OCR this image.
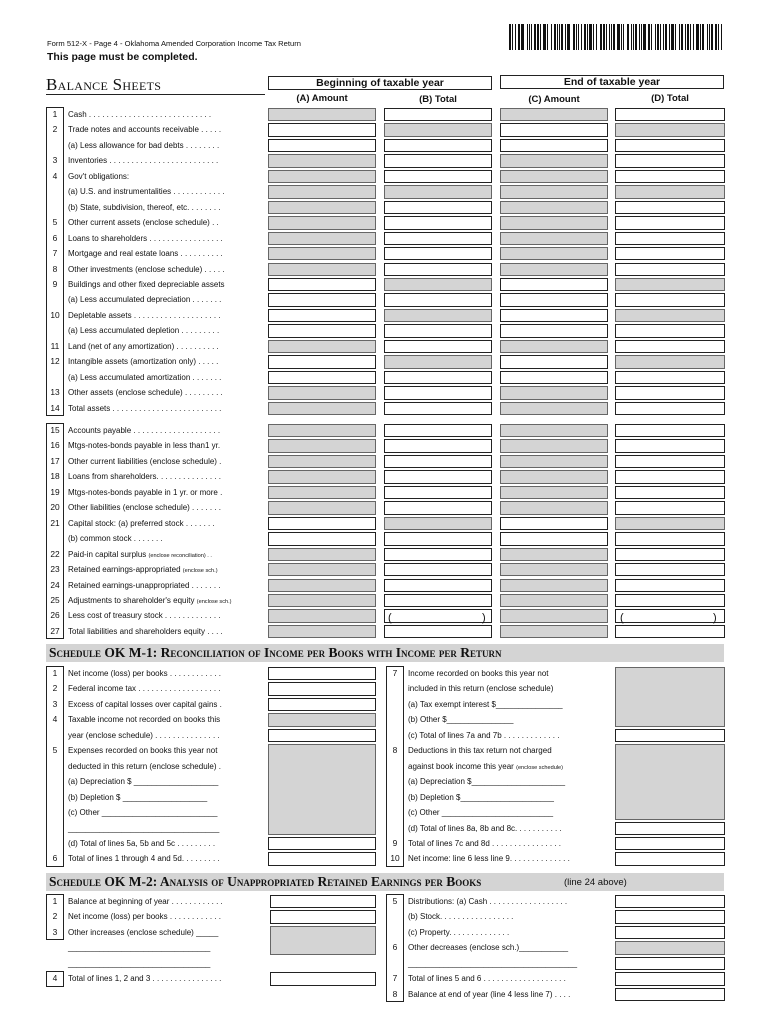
Form 512-X - Page 4 - Oklahoma Amended Corporation Income Tax Return
This page must be completed.
Balance Sheets	Beginning of taxable year	End of taxable year
(A) Amount	(B) Total	(C) Amount	(D) Total
1	Cash . . . . . . . . . . . . . . . . . . . . . . . . . . . .
2	Trade notes and accounts receivable . . . . .
(a) Less allowance for bad debts . . . . . . . .
3	Inventories . . . . . . . . . . . . . . . . . . . . . . . . .
4	Gov't obligations:
(a) U.S. and instrumentalities . . . . . . . . . . . .
(b) State, subdivision, thereof, etc. . . . . . . .
5	Other current assets (enclose schedule) . .
6	Loans to shareholders . . . . . . . . . . . . . . . . .
7	Mortgage and real estate loans . . . . . . . . . .
8	Other investments (enclose schedule) . . . . .
9	Buildings and other fixed depreciable assets
(a) Less accumulated depreciation . . . . . . .
10 Depletable assets . . . . . . . . . . . . . . . . . . . .
(a) Less accumulated depletion . . . . . . . . .
11	Land (net of any amortization) . . . . . . . . . .
12 Intangible assets (amortization only) . . . . .
(a) Less accumulated amortization . . . . . . .
13 Other assets (enclose schedule) . . . . . . . . .
14 Total assets . . . . . . . . . . . . . . . . . . . . . . . . .
15 Accounts payable . . . . . . . . . . . . . . . . . . . .
16 Mtgs-notes-bonds payable in less than1 yr.
17 Other current liabilities (enclose schedule) .
18 Loans from shareholders. . . . . . . . . . . . . . .
19 Mtgs-notes-bonds payable in 1 yr. or more .
20 Other liabilities (enclose schedule) . . . . . . .
21 Capital stock: (a) preferred stock . . . . . . .
(b) common stock . . . . . . .
22 Paid-in capital surplus (enclose reconciliation) . .
23 Retained earnings-appropriated (enclose sch.)
24 Retained earnings-unappropriated . . . . . . .
25 Adjustments to shareholder's equity (enclose sch.)
26 Less cost of treasury stock . . . . . . . . . . . . .
27 Total liabilities and shareholders equity . . . .
(	)	(	)
Schedule OK M-1: Reconciliation of Income per Books with Income per Return
1	Net income (loss) per books . . . . . . . . . . . .
2	Federal income tax . . . . . . . . . . . . . . . . . . .
3	Excess of capital losses over capital gains .
4	Taxable income not recorded on books this
year (enclose schedule) . . . . . . . . . . . . . . .
5	Expenses recorded on books this year not
deducted in this return (enclose schedule) .
(a) Depreciation $ ___________________
(b) Depletion $ ___________________
(c) Other __________________________
__________________________________
(d) Total of lines 5a, 5b and 5c . . . . . . . . .
6	Total of lines 1 through 4 and 5d. . . . . . . . .
7	Income recorded on books this year not
included in this return (enclose schedule)
(a) Tax exempt interest $_______________
(b) Other $_______________
(c) Total of lines 7a and 7b . . . . . . . . . . . . .
8	Deductions in this tax return not charged
against book income this year (enclose schedule)
(a) Depreciation $_____________________
(b) Depletion $_____________________
(c) Other _________________________
(d) Total of lines 8a, 8b and 8c. . . . . . . . . . .
9	Total of lines 7c and 8d . . . . . . . . . . . . . . . .
10 Net income: line 6 less line 9. . . . . . . . . . . . . .
Schedule OK M-2: Analysis of Unappropriated Retained Earnings per Books	(line 24 above)
1	Balance at beginning of year . . . . . . . . . . . .
2	Net income (loss) per books . . . . . . . . . . . .
3	Other increases (enclose schedule) _____
________________________________
________________________________
4	Total of lines 1, 2 and 3 . . . . . . . . . . . . . . . .
5	Distributions: (a) Cash . . . . . . . . . . . . . . . . . .
(b) Stock. . . . . . . . . . . . . . . . .
(c) Property. . . . . . . . . . . . . .
6	Other decreases (enclose sch.)___________
______________________________________
7	Total of lines 5 and 6 . . . . . . . . . . . . . . . . . . .
8	Balance at end of year (line 4 less line 7) . . . .
